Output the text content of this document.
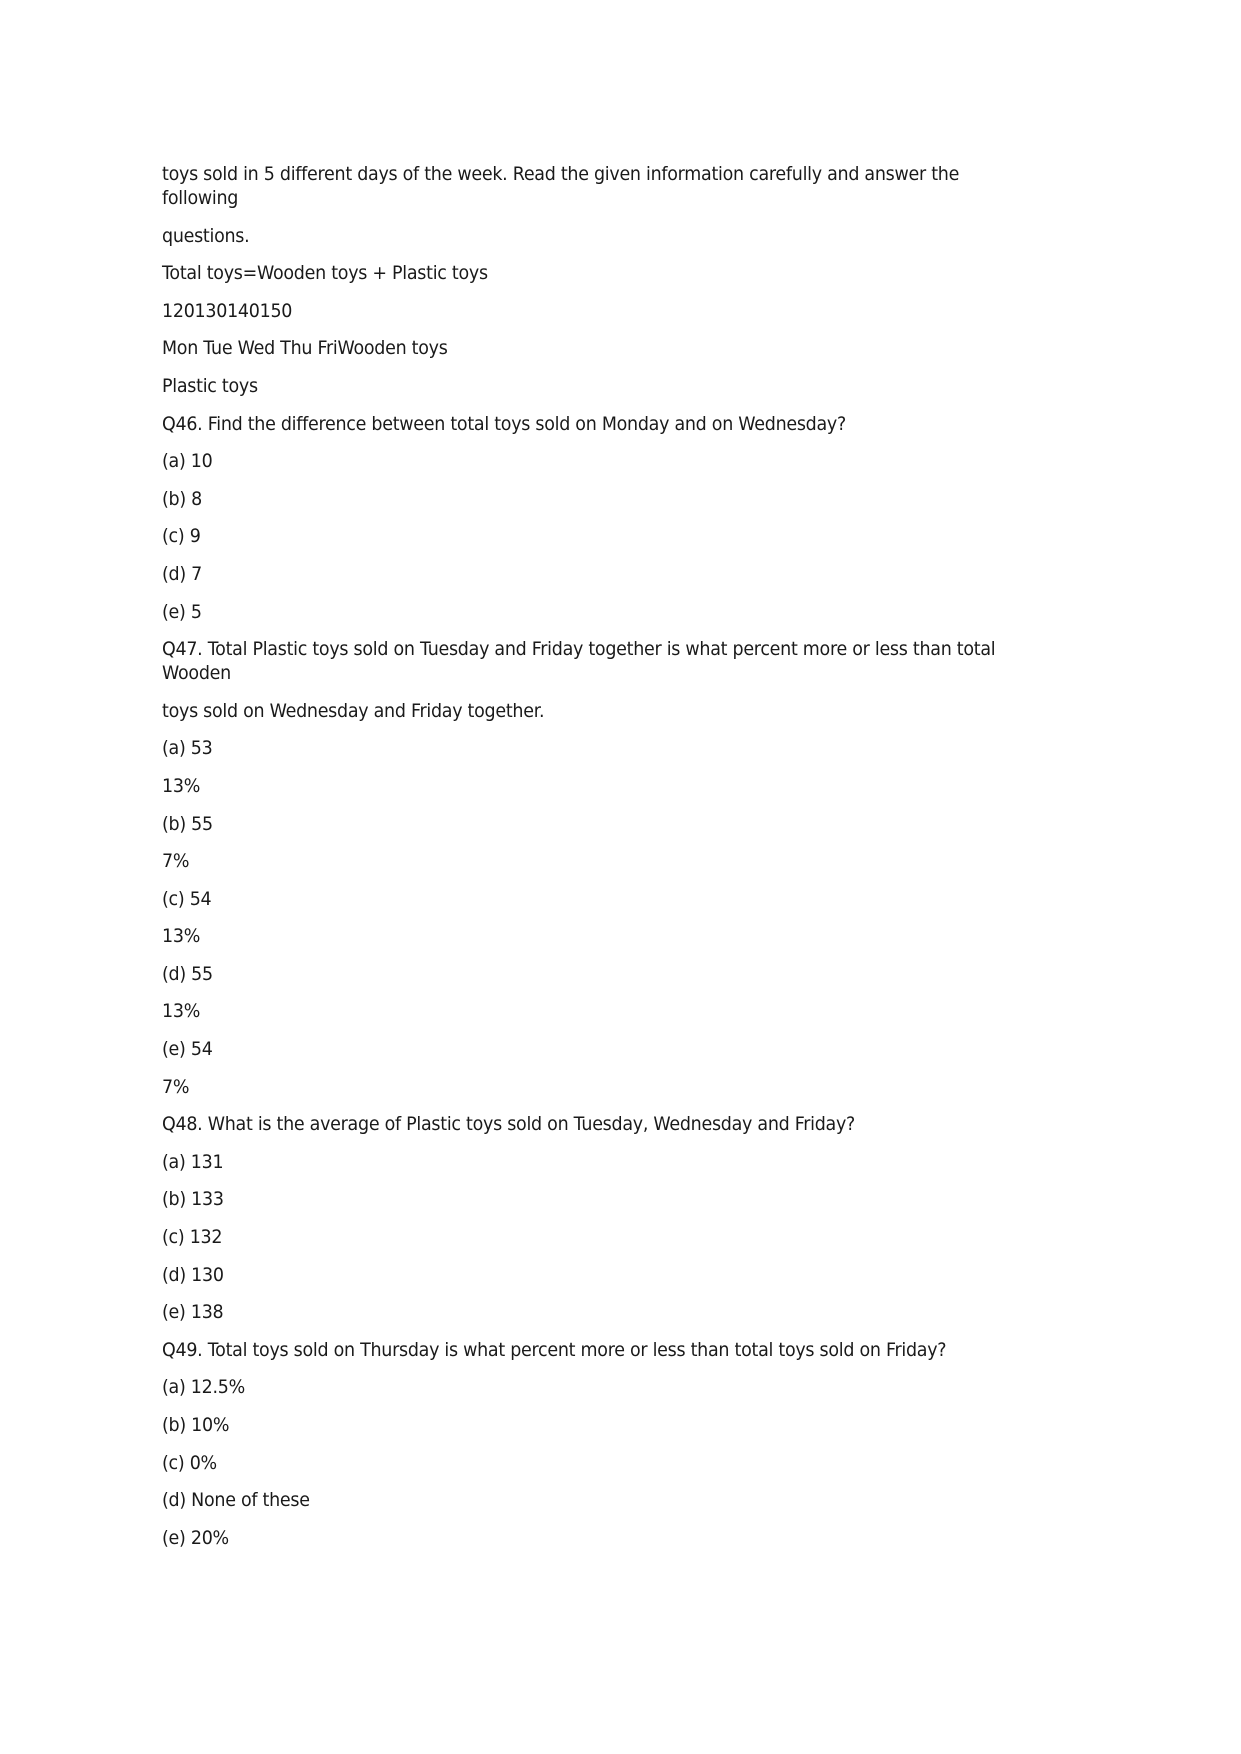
toys sold in 5 different days of the week. Read the given information carefully and answer the
following
questions.
Total toys=Wooden toys + Plastic toys
120130140150
Mon Tue Wed Thu FriWooden toys
Plastic toys
Q46. Find the difference between total toys sold on Monday and on Wednesday?
(a) 10
(b) 8
(c) 9
(d) 7
(e) 5
Q47. Total Plastic toys sold on Tuesday and Friday together is what percent more or less than total
Wooden
toys sold on Wednesday and Friday together.
(a) 53
13%
(b) 55
7%
(c) 54
13%
(d) 55
13%
(e) 54
7%
Q48. What is the average of Plastic toys sold on Tuesday, Wednesday and Friday?
(a) 131
(b) 133
(c) 132
(d) 130
(e) 138
Q49. Total toys sold on Thursday is what percent more or less than total toys sold on Friday?
(a) 12.5%
(b) 10%
(c) 0%
(d) None of these
(e) 20%
